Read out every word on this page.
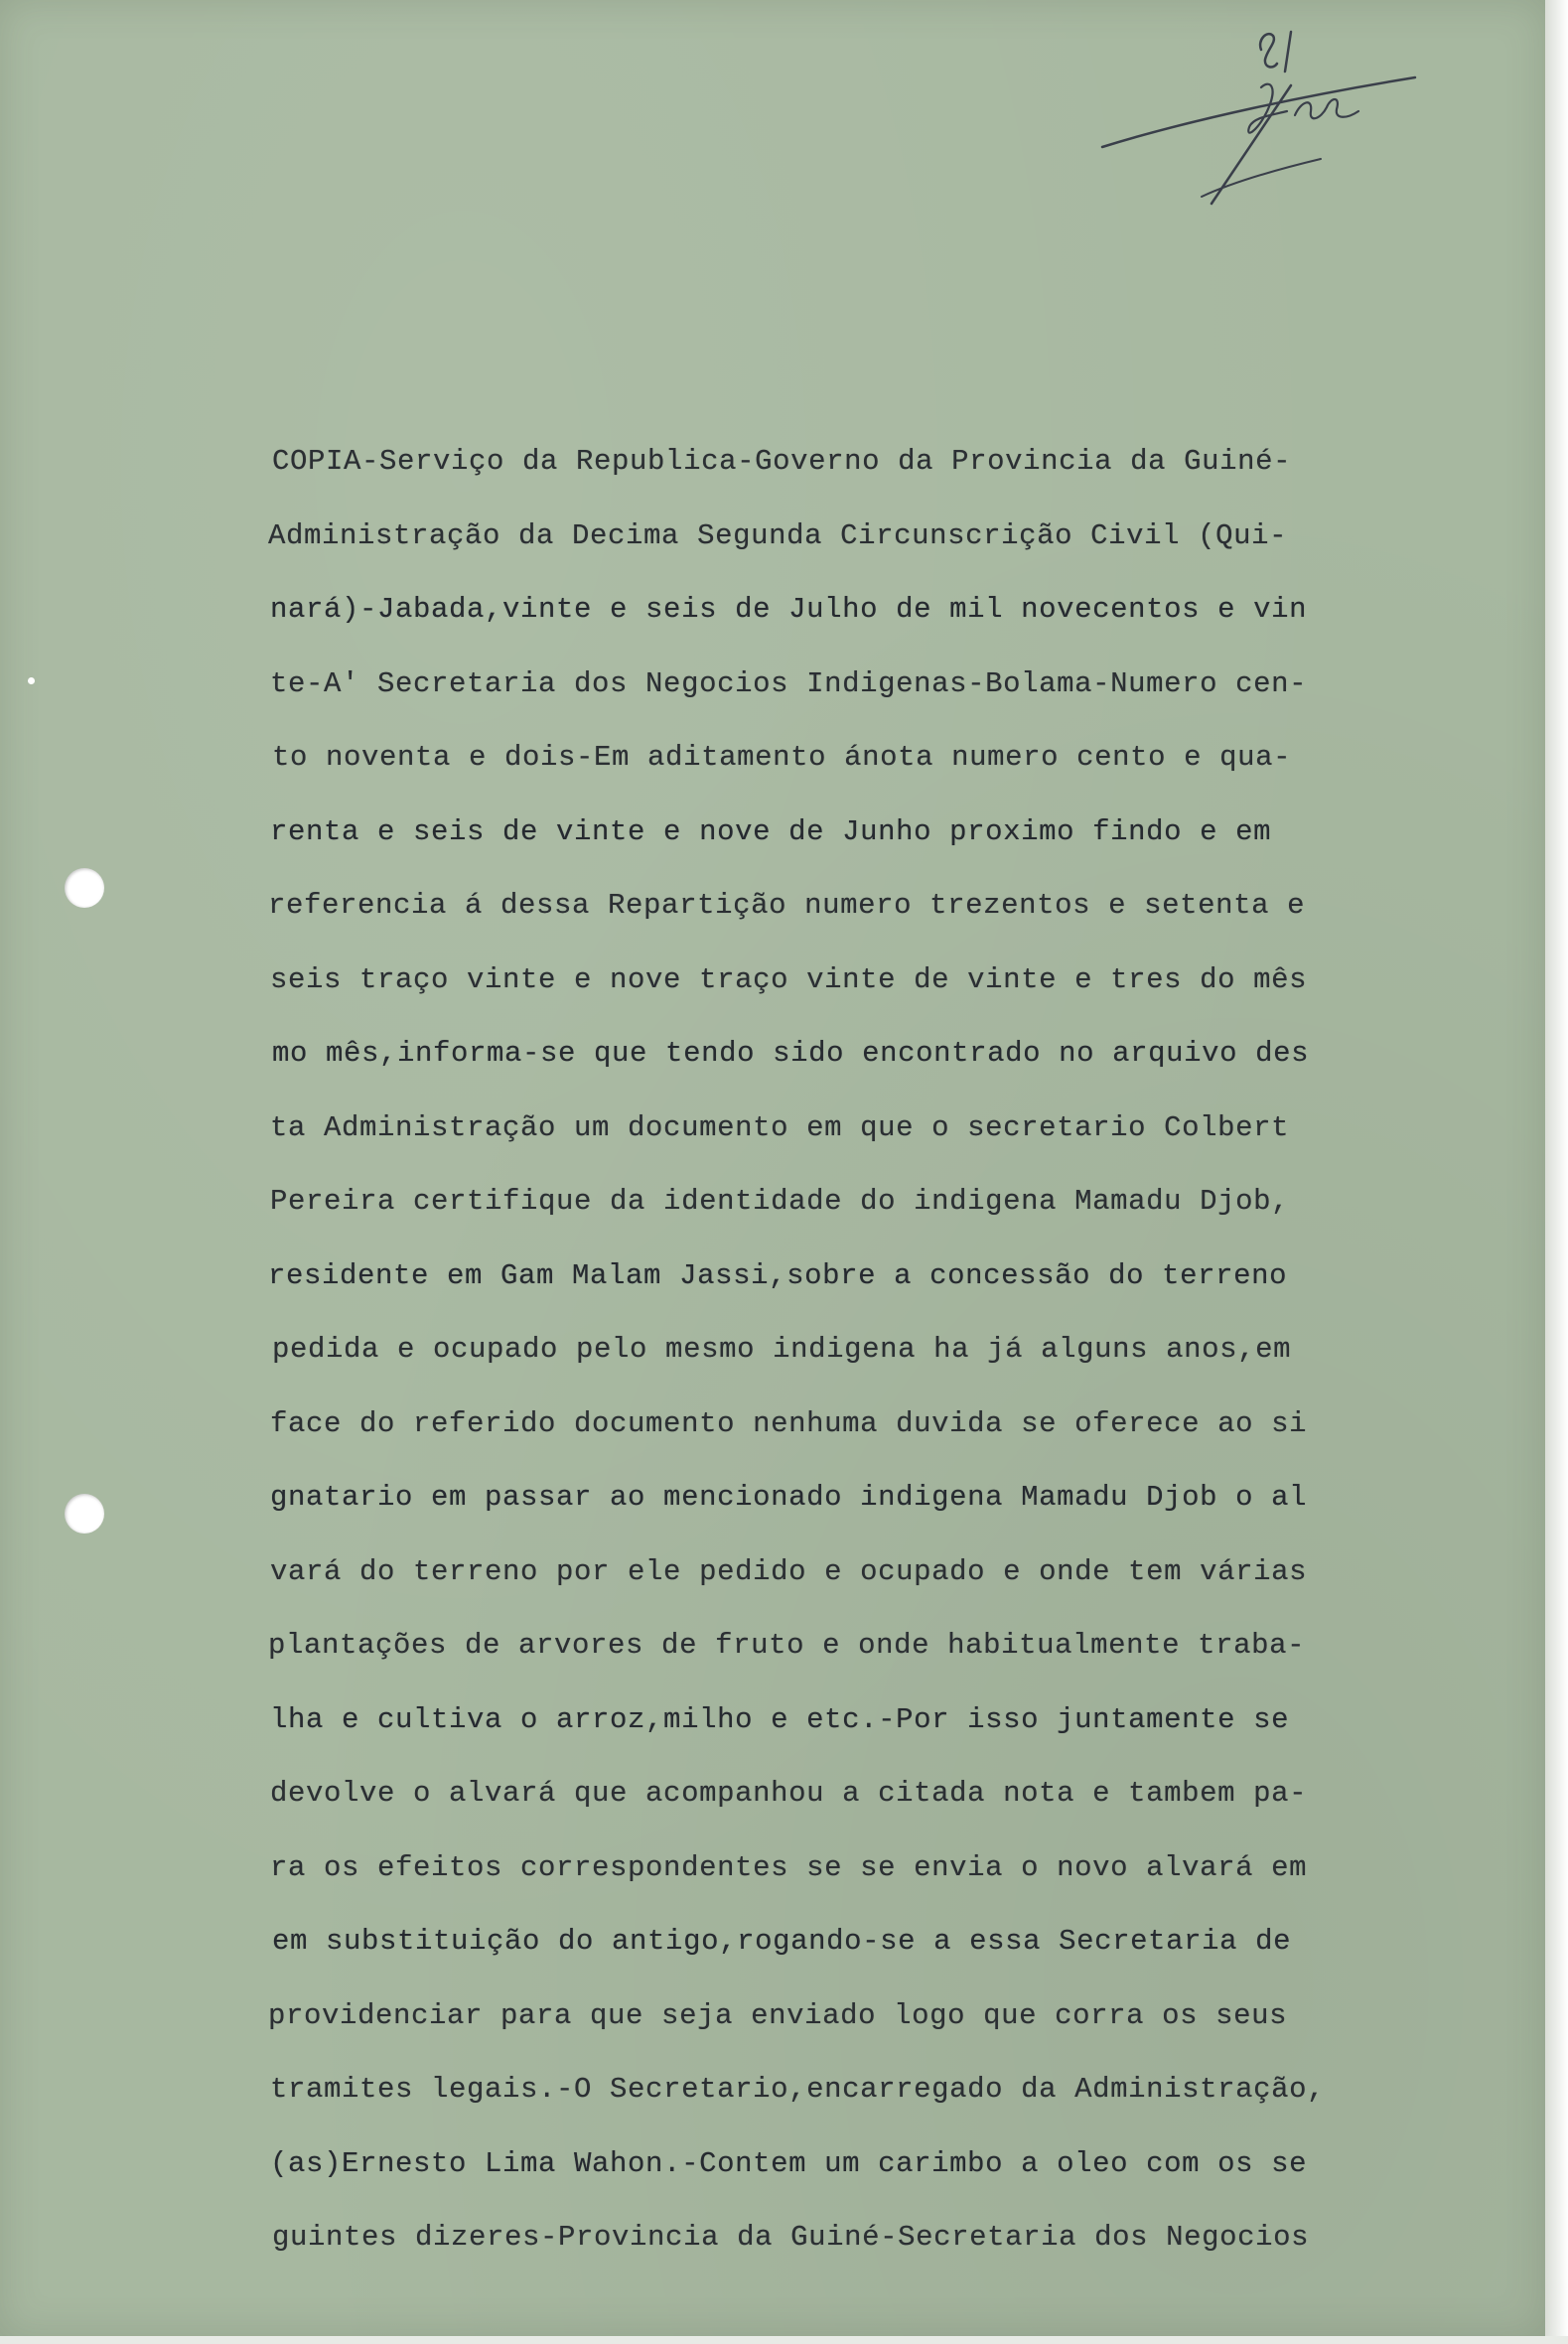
COPIA-Serviço da Republica-Governo da Provincia da Guiné-
Administração da Decima Segunda Circunscrição Civil (Qui-
nará)-Jabada,vinte e seis de Julho de mil novecentos e vin
te-A' Secretaria dos Negocios Indigenas-Bolama-Numero cen-
to noventa e dois-Em aditamento ánota numero cento e qua-
renta e seis de vinte e nove de Junho proximo findo e em
referencia á dessa Repartição numero trezentos e setenta e
seis traço vinte e nove traço vinte de vinte e tres do mês
mo mês,informa-se que tendo sido encontrado no arquivo des
ta Administração um documento em que o secretario Colbert
Pereira certifique da identidade do indigena Mamadu Djob,
residente em Gam Malam Jassi,sobre a concessão do terreno
pedida e ocupado pelo mesmo indigena ha já alguns anos,em
face do referido documento nenhuma duvida se oferece ao si
gnatario em passar ao mencionado indigena Mamadu Djob o al
vará do terreno por ele pedido e ocupado e onde tem várias
plantações de arvores de fruto e onde habitualmente traba-
lha e cultiva o arroz,milho e etc.-Por isso juntamente se
devolve o alvará que acompanhou a citada nota e tambem pa-
ra os efeitos correspondentes se se envia o novo alvará em
em substituição do antigo,rogando-se a essa Secretaria de
providenciar para que seja enviado logo que corra os seus
tramites legais.-O Secretario,encarregado da Administração,
(as)Ernesto Lima Wahon.-Contem um carimbo a oleo com os se
guintes dizeres-Provincia da Guiné-Secretaria dos Negocios
